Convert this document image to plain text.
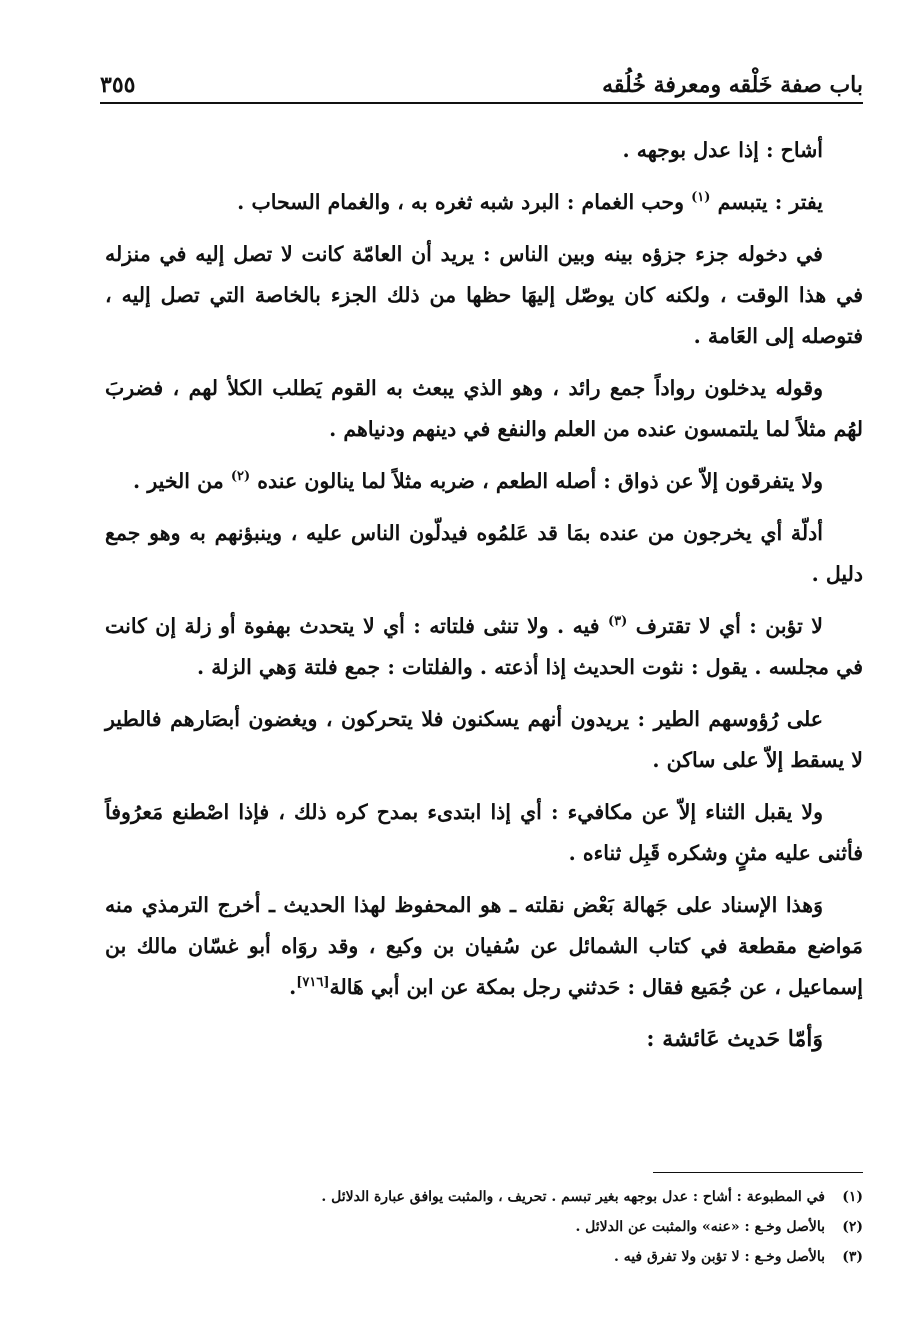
باب صفة خَلْقه ومعرفة خُلُقه
٣٥٥

أشاح : إذا عدل بوجهه .

يفتر : يتبسم $^{(١)}$ وحب الغمام : البرد شبه ثغره به ، والغمام السحاب .

في دخوله جزء جزؤه بينه وبين الناس : يريد أن العامّة كانت لا تصل إليه في منزله في هذا الوقت ، ولكنه كان يوصّل إليهَا حظها من ذلك الجزء بالخاصة التي تصل إليه ، فتوصله إلى العَامة .

وقوله يدخلون رواداً جمع رائد ، وهو الذي يبعث به القوم يَطلب الكلأ لهم ، فضربَ لهُم مثلاً لما يلتمسون عنده من العلم والنفع في دينهم ودنياهم .

ولا يتفرقون إلاّ عن ذواق : أصله الطعم ، ضربه مثلاً لما ينالون عنده $^{(٢)}$ من الخير .

أدلّة أي يخرجون من عنده بمَا قد عَلمُوه فيدلّون الناس عليه ، وينبؤنهم به وهو جمع دليل .

لا تؤبن : أي لا تقترف $^{(٣)}$ فيه . ولا تنثى فلتاته : أي لا يتحدث بهفوة أو زلة إن كانت في مجلسه . يقول : نثوت الحديث إذا أذعته . والفلتات : جمع فلتة وَهي الزلة .

على رُؤوسهم الطير : يريدون أنهم يسكنون فلا يتحركون ، ويغضون أبصَارهم فالطير لا يسقط إلاّ على ساكن .

ولا يقبل الثناء إلاّ عن مكافيء : أي إذا ابتدىء بمدح كره ذلك ، فإذا اصْطنع مَعرُوفاً فأثنى عليه مثنٍ وشكره قَبِل ثناءه .

وَهذا الإسناد على جَهالة بَعْض نقلته ـ هو المحفوظ لهذا الحديث ـ أخرج الترمذي منه مَواضع مقطعة في كتاب الشمائل عن سُفيان بن وكيع ، وقد روَاه أبو غسّان مالك بن إسماعيل ، عن جُمَيع فقال : حَدثني رجل بمكة عن ابن أبي هَالة[٧١٦].

وَأمّا حَديث عَائشة :

(١)
في المطبوعة : أشاح : عدل بوجهه بغير تبسم . تحريف ، والمثبت يوافق عبارة الدلائل .
(٢)
بالأصل وخـع : «عنه» والمثبت عن الدلائل .
(٣)
بالأصل وخـع : لا تؤبن ولا تفرق فيه .
